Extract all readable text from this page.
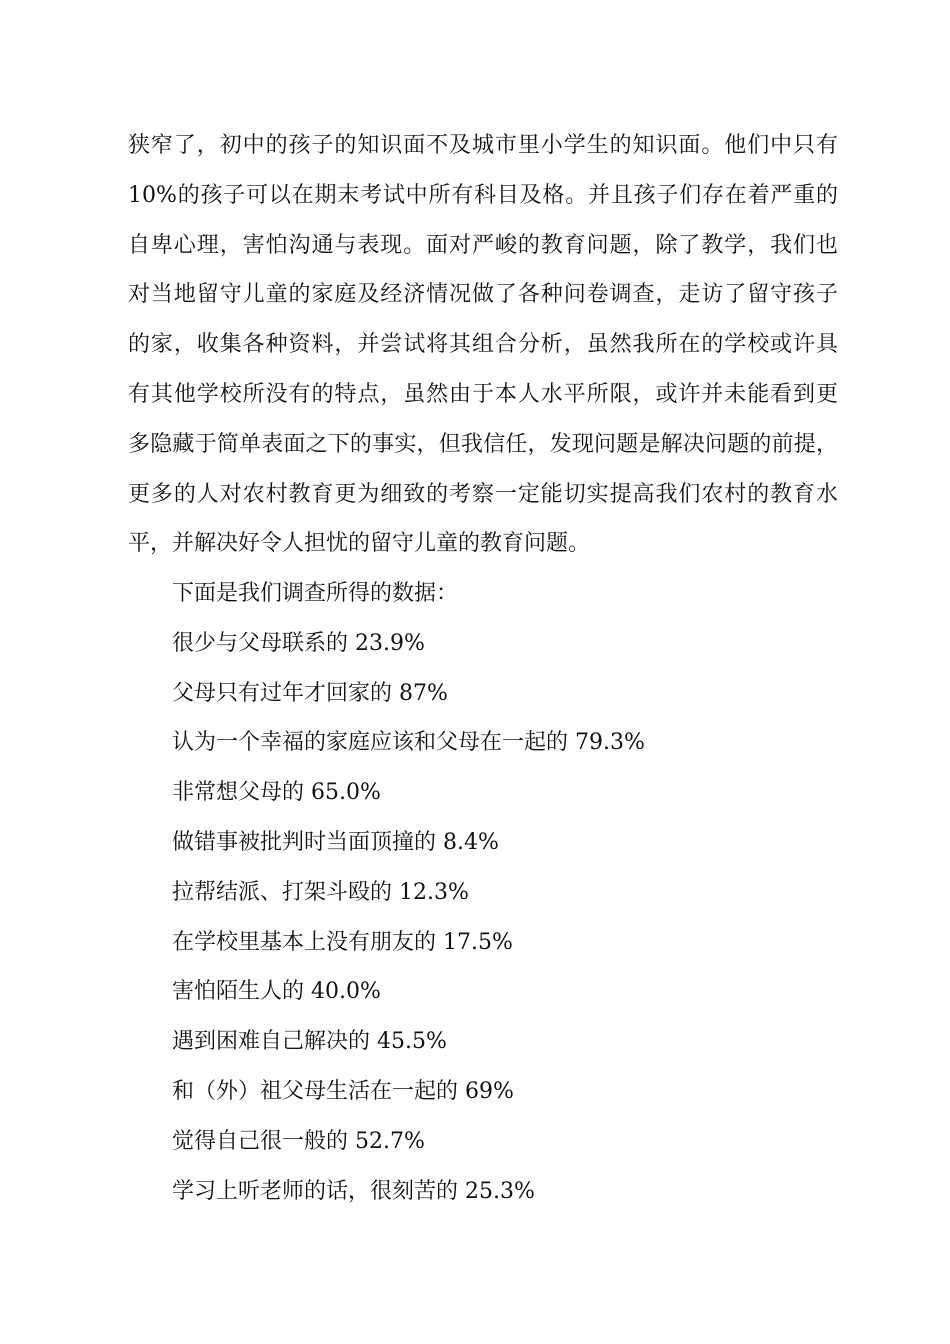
狭窄了，初中的孩子的知识面不及城市里小学生的知识面。他们中只有
10%的孩子可以在期末考试中所有科目及格。并且孩子们存在着严重的
自卑心理，害怕沟通与表现。面对严峻的教育问题，除了教学，我们也
对当地留守儿童的家庭及经济情况做了各种问卷调查，走访了留守孩子
的家，收集各种资料，并尝试将其组合分析，虽然我所在的学校或许具
有其他学校所没有的特点，虽然由于本人水平所限，或许并未能看到更
多隐藏于简单表面之下的事实，但我信任，发现问题是解决问题的前提，
更多的人对农村教育更为细致的考察一定能切实提高我们农村的教育水
平，并解决好令人担忧的留守儿童的教育问题。
下面是我们调查所得的数据：
很少与父母联系的 23.9%
父母只有过年才回家的 87%
认为一个幸福的家庭应该和父母在一起的 79.3%
非常想父母的 65.0%
做错事被批判时当面顶撞的 8.4%
拉帮结派、打架斗殴的 12.3%
在学校里基本上没有朋友的 17.5%
害怕陌生人的 40.0%
遇到困难自己解决的 45.5%
和（外）祖父母生活在一起的 69%
觉得自己很一般的 52.7%
学习上听老师的话，很刻苦的 25.3%
